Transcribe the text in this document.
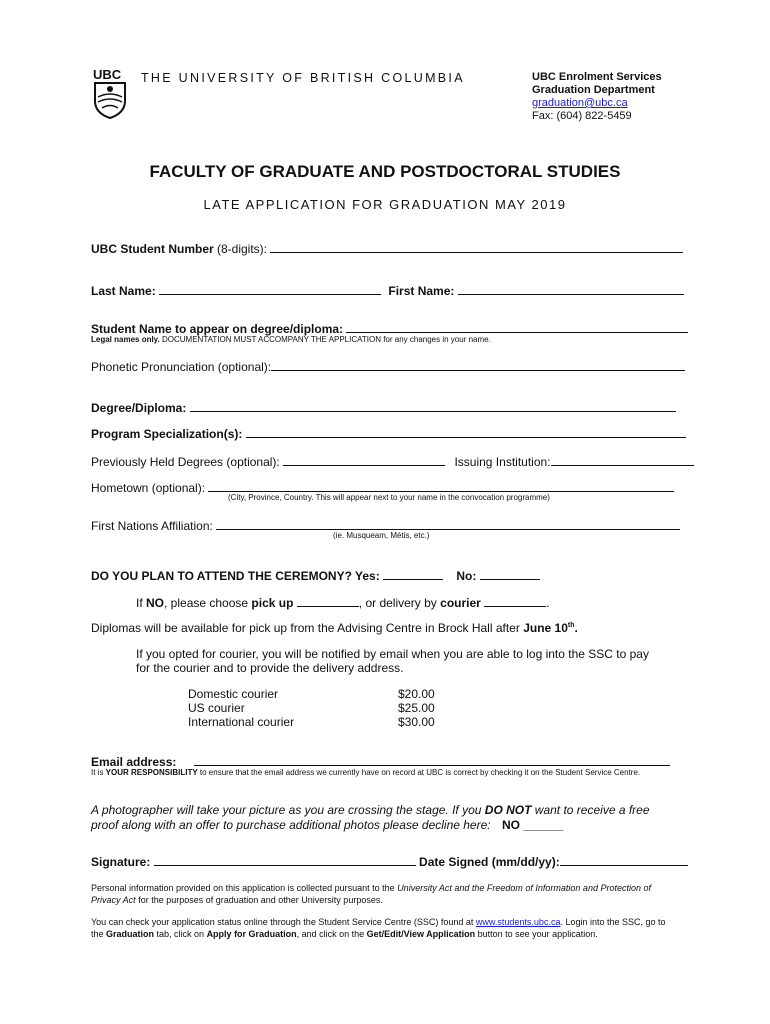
UBC	THE UNIVERSITY OF BRITISH COLUMBIA	UBC Enrolment Services
Graduation Department
graduation@ubc.ca
Fax: (604) 822-5459
FACULTY OF GRADUATE AND POSTDOCTORAL STUDIES
LATE APPLICATION FOR GRADUATION MAY 2019
UBC Student Number (8-digits):
Last Name:	First Name:
Student Name to appear on degree/diploma:
Legal names only. DOCUMENTATION MUST ACCOMPANY THE APPLICATION for any changes in your name.
Phonetic Pronunciation (optional):
Degree/Diploma:
Program Specialization(s):
Previously Held Degrees (optional):	Issuing Institution:
Hometown (optional):
(City, Province, Country. This will appear next to your name in the convocation programme)
First Nations Affiliation:
(ie. Musqueam, Métis, etc.)
DO YOU PLAN TO ATTEND THE CEREMONY? Yes:	No:
If NO, please choose pick up	, or delivery by courier	.
Diplomas will be available for pick up from the Advising Centre in Brock Hall after June 10th.
If you opted for courier, you will be notified by email when you are able to log into the SSC to pay for the courier and to provide the delivery address.
Domestic courier	$20.00
US courier	$25.00
International courier	$30.00
Email address:
It is YOUR RESPONSIBILITY to ensure that the email address we currently have on record at UBC is correct by checking it on the Student Service Centre.
A photographer will take your picture as you are crossing the stage. If you DO NOT want to receive a free proof along with an offer to purchase additional photos please decline here: NO ______
Signature:	Date Signed (mm/dd/yy):
Personal information provided on this application is collected pursuant to the University Act and the Freedom of Information and Protection of Privacy Act for the purposes of graduation and other University purposes.
You can check your application status online through the Student Service Centre (SSC) found at www.students.ubc.ca. Login into the SSC, go to the Graduation tab, click on Apply for Graduation, and click on the Get/Edit/View Application button to see your application.
